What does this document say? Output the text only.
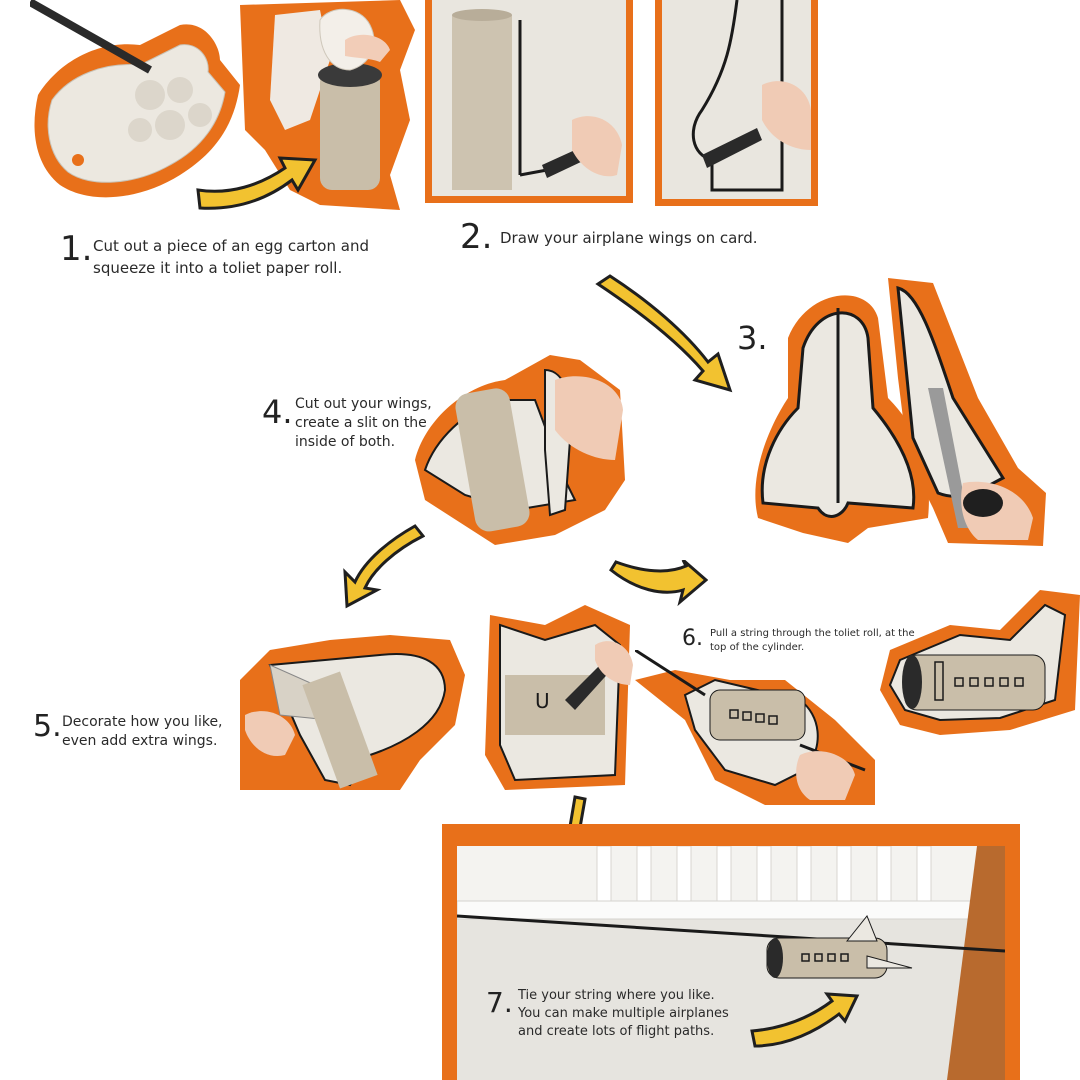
1. Cut out a piece of an egg carton and squeeze it into a toliet paper roll.
2. Draw your airplane wings on card.
3.
4. Cut out your wings, create a slit on the inside of both.
5. Decorate how you like, even add extra wings.
U
6. Pull a string through the toliet roll, at the top of the cylinder.
7. Tie your string where you like. You can make multiple airplanes and create lots of flight paths.
